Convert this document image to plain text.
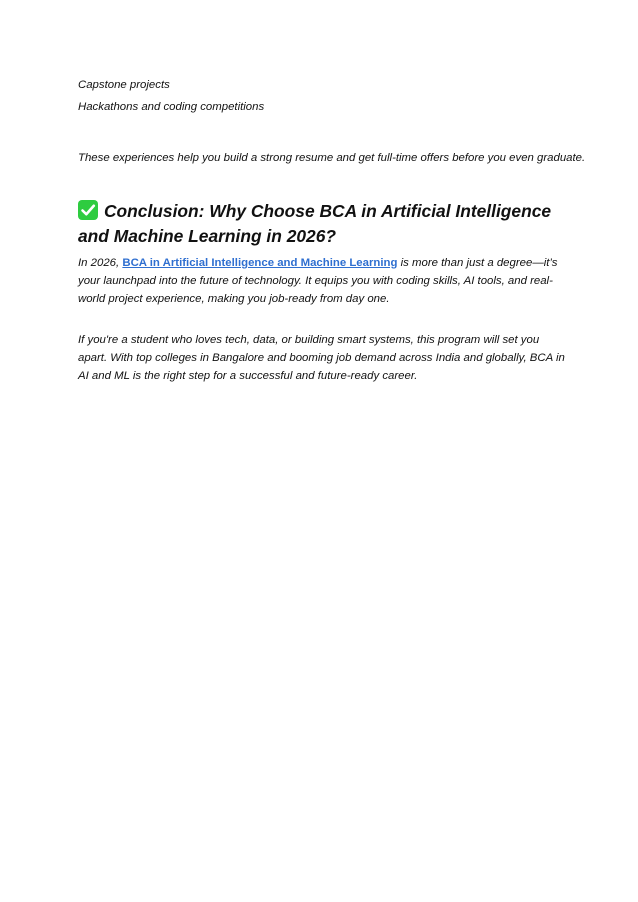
Capstone projects

Hackathons and coding competitions

These experiences help you build a strong resume and get full-time offers before you even graduate.

Conclusion: Why Choose BCA in Artificial Intelligence and Machine Learning in 2026?

In 2026, BCA in Artificial Intelligence and Machine Learning is more than just a degree—it’s your launchpad into the future of technology. It equips you with coding skills, AI tools, and real-world project experience, making you job-ready from day one.

If you're a student who loves tech, data, or building smart systems, this program will set you apart. With top colleges in Bangalore and booming job demand across India and globally, BCA in AI and ML is the right step for a successful and future-ready career.
